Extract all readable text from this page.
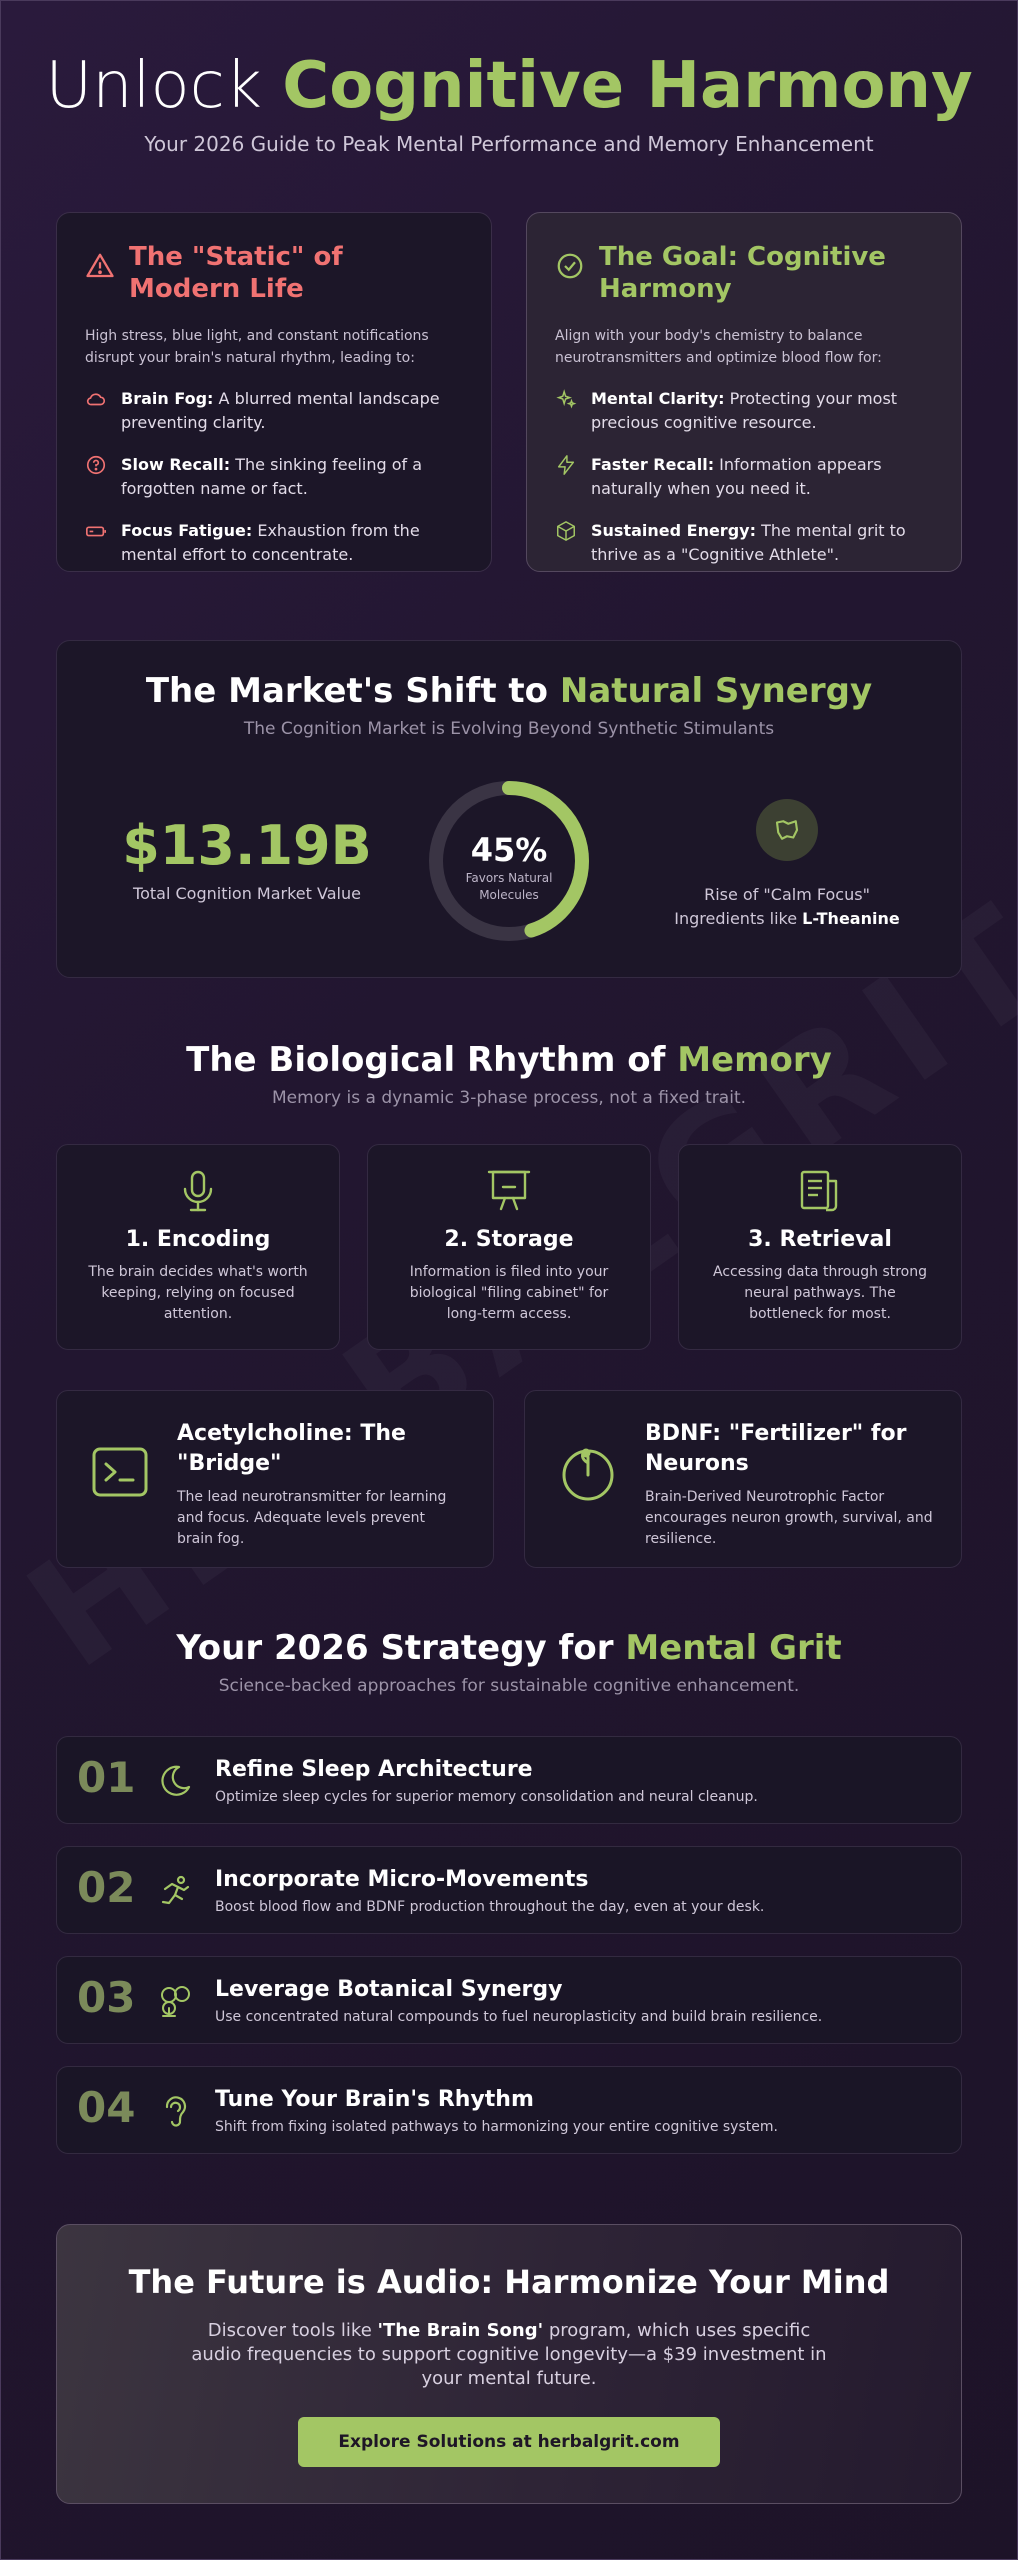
Unlock Cognitive Harmony

Your 2026 Guide to Peak Mental Performance and Memory Enhancement

The "Static" of Modern Life
High stress, blue light, and constant notifications disrupt your brain's natural rhythm, leading to:

Brain Fog: A blurred mental landscape preventing clarity.

Slow Recall: The sinking feeling of a forgotten name or fact.

Focus Fatigue: Exhaustion from the mental effort to concentrate.

The Goal: Cognitive Harmony
Align with your body's chemistry to balance neurotransmitters and optimize blood flow for:

Mental Clarity: Protecting your most precious cognitive resource.

Faster Recall: Information appears naturally when you need it.

Sustained Energy: The mental grit to thrive as a "Cognitive Athlete".

The Market's Shift to Natural Synergy
The Cognition Market is Evolving Beyond Synthetic Stimulants
$13.19B
Total Cognition Market Value
45%
Favors Natural
Molecules	Rise of "Calm Focus" Ingredients like L-Theanine

The Biological Rhythm of Memory
Memory is a dynamic 3-phase process, not a fixed trait.
1. Encoding

The brain decides what's worth keeping, relying on focused attention.

2. Storage

Information is filed into your biological "filing cabinet" for long-term access.

3. Retrieval

Accessing data through strong neural pathways. The bottleneck for most.

Acetylcholine: The "Bridge"

The lead neurotransmitter for learning and focus. Adequate levels prevent brain fog.

BDNF: "Fertilizer" for Neurons

Brain-Derived Neurotrophic Factor encourages neuron growth, survival, and resilience.

Your 2026 Strategy for Mental Grit
Science-backed approaches for sustainable cognitive enhancement.
01	Refine Sleep Architecture

Optimize sleep cycles for superior memory consolidation and neural cleanup.

02	Incorporate Micro-Movements

Boost blood flow and BDNF production throughout the day, even at your desk.

03	Leverage Botanical Synergy

Use concentrated natural compounds to fuel neuroplasticity and build brain resilience.

04	Tune Your Brain's Rhythm

Shift from fixing isolated pathways to harmonizing your entire cognitive system.

The Future is Audio: Harmonize Your Mind

Discover tools like 'The Brain Song' program, which uses specific audio frequencies to support cognitive longevity—a $39 investment in your mental future.

Explore Solutions at herbalgrit.com
